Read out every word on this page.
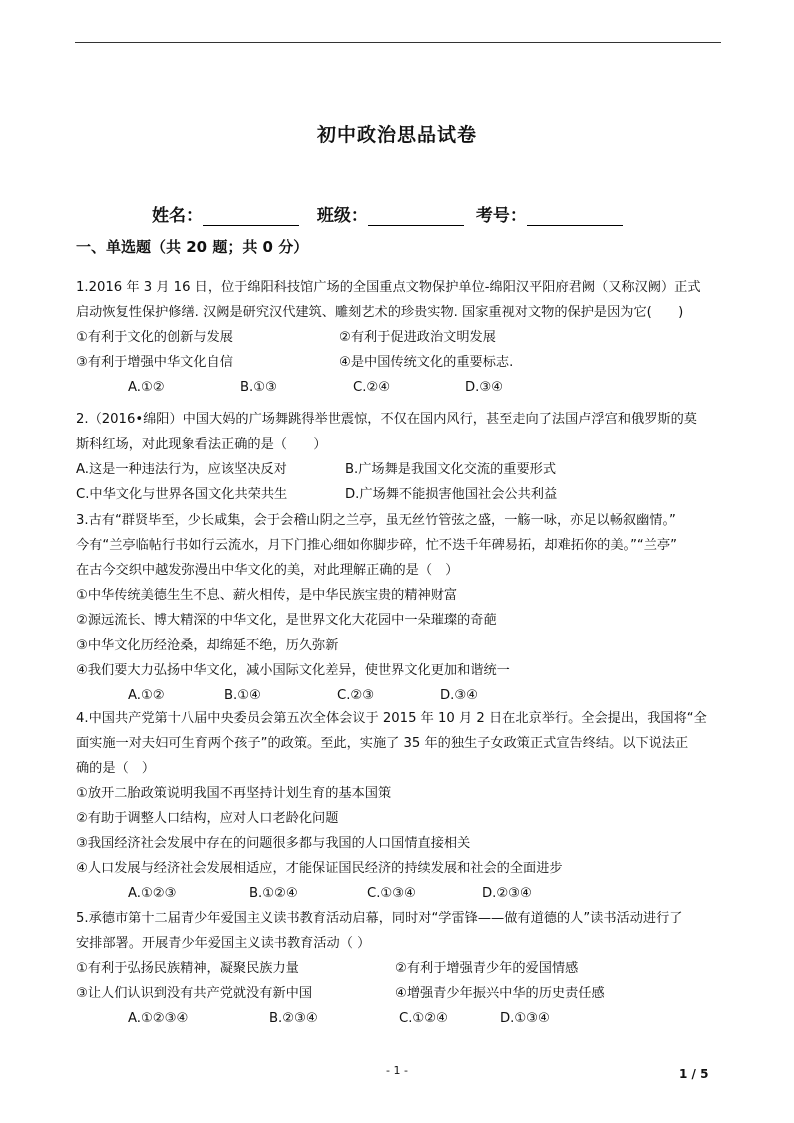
初中政治思品试卷
姓名：	班级：	考号：
一、单选题（共 20 题；共 0 分）

1.2016 年 3 月 16 日，位于绵阳科技馆广场的全国重点文物保护单位-绵阳汉平阳府君阙（又称汉阙）正式

启动恢复性保护修缮. 汉阙是研究汉代建筑、雕刻艺术的珍贵实物. 国家重视对文物的保护是因为它(　　)

①有利于文化的创新与发展	②有利于促进政治文明发展
③有利于增强中华文化自信	④是中国传统文化的重要标志.
A.①②	B.①③	C.②④	D.③④

2.（2016•绵阳）中国大妈的广场舞跳得举世震惊，不仅在国内风行，甚至走向了法国卢浮宫和俄罗斯的莫

斯科红场，对此现象看法正确的是（　　）

A.这是一种违法行为，应该坚决反对	B.广场舞是我国文化交流的重要形式
C.中华文化与世界各国文化共荣共生	D.广场舞不能损害他国社会公共利益

3.古有“群贤毕至，少长咸集，会于会稽山阴之兰亭，虽无丝竹管弦之盛，一觞一咏，亦足以畅叙幽情。”

今有“兰亭临帖行书如行云流水，月下门推心细如你脚步碎，忙不迭千年碑易拓，却难拓你的美。”“兰亭”

在古今交织中越发弥漫出中华文化的美，对此理解正确的是（　）

①中华传统美德生生不息、薪火相传，是中华民族宝贵的精神财富

②源远流长、博大精深的中华文化，是世界文化大花园中一朵璀璨的奇葩

③中华文化历经沧桑，却绵延不绝，历久弥新

④我们要大力弘扬中华文化，减小国际文化差异，使世界文化更加和谐统一

A.①②	B.①④	C.②③	D.③④

4.中国共产党第十八届中央委员会第五次全体会议于 2015 年 10 月 2 日在北京举行。全会提出，我国将“全

面实施一对夫妇可生育两个孩子”的政策。至此，实施了 35 年的独生子女政策正式宣告终结。以下说法正

确的是（　）

①放开二胎政策说明我国不再坚持计划生育的基本国策

②有助于调整人口结构，应对人口老龄化问题

③我国经济社会发展中存在的问题很多都与我国的人口国情直接相关

④人口发展与经济社会发展相适应，才能保证国民经济的持续发展和社会的全面进步

A.①②③	B.①②④	C.①③④	D.②③④

5.承德市第十二届青少年爱国主义读书教育活动启幕，同时对“学雷锋——做有道德的人”读书活动进行了

安排部署。开展青少年爱国主义读书教育活动（ ）

①有利于弘扬民族精神，凝聚民族力量	②有利于增强青少年的爱国情感
③让人们认识到没有共产党就没有新中国	④增强青少年振兴中华的历史责任感
A.①②③④	B.②③④	C.①②④	D.①③④
- 1 -	1 / 5
